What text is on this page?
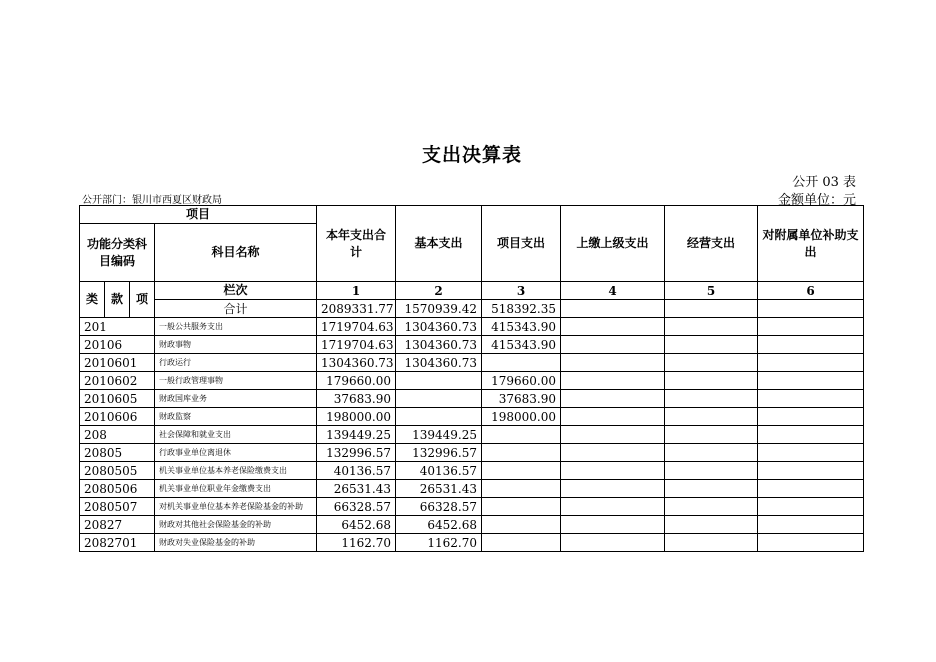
支出决算表
公开 03 表
公开部门：银川市西夏区财政局	金额单位：元
项目				本年支出合计	基本支出	项目支出	上缴上级支出	经营支出	对附属单位补助支出
功能分类科目编码			科目名称						

类	款	项	栏次	1	2	3	4	5	6
			合计	2089331.77	1570939.42	518392.35			
201			一般公共服务支出	1719704.63	1304360.73	415343.90			
20106			财政事物	1719704.63	1304360.73	415343.90			
2010601			行政运行	1304360.73	1304360.73				
2010602			一般行政管理事物	179660.00		179660.00			
2010605			财政国库业务	37683.90		37683.90			
2010606			财政监察	198000.00		198000.00			
208			社会保障和就业支出	139449.25	139449.25				
20805			行政事业单位离退休	132996.57	132996.57				
2080505			机关事业单位基本养老保险缴费支出	40136.57	40136.57				
2080506			机关事业单位职业年金缴费支出	26531.43	26531.43				
2080507			对机关事业单位基本养老保险基金的补助	66328.57	66328.57				
20827			财政对其他社会保险基金的补助	6452.68	6452.68				
2082701			财政对失业保险基金的补助	1162.70	1162.70				
